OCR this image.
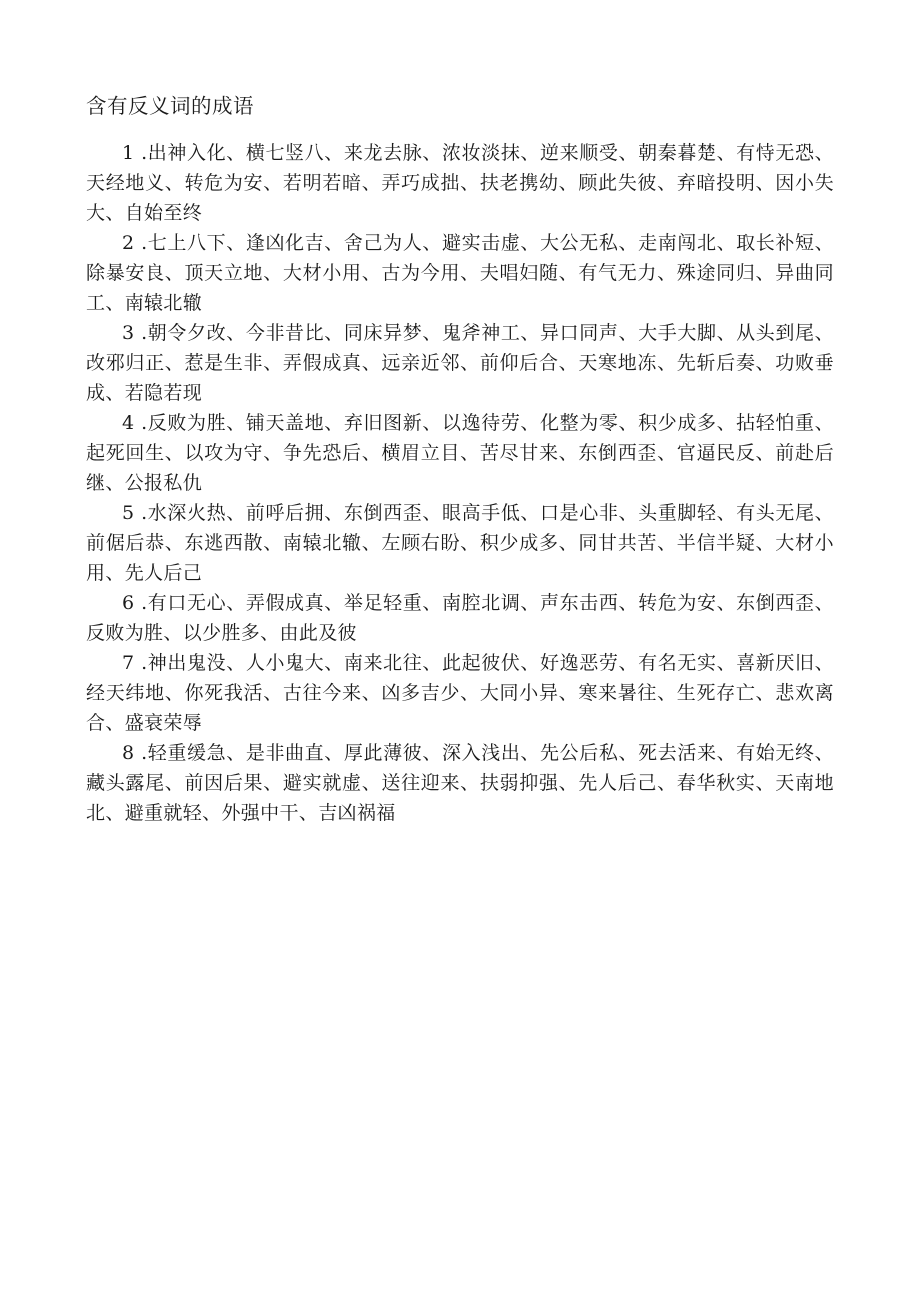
含有反义词的成语

1 .出神入化、横七竖八、来龙去脉、浓妆淡抹、逆来顺受、朝秦暮楚、有恃无恐、天经地义、转危为安、若明若暗、弄巧成拙、扶老携幼、顾此失彼、弃暗投明、因小失大、自始至终

2 .七上八下、逢凶化吉、舍己为人、避实击虚、大公无私、走南闯北、取长补短、除暴安良、顶天立地、大材小用、古为今用、夫唱妇随、有气无力、殊途同归、异曲同工、南辕北辙

3 .朝令夕改、今非昔比、同床异梦、鬼斧神工、异口同声、大手大脚、从头到尾、改邪归正、惹是生非、弄假成真、远亲近邻、前仰后合、天寒地冻、先斩后奏、功败垂成、若隐若现

4 .反败为胜、铺天盖地、弃旧图新、以逸待劳、化整为零、积少成多、拈轻怕重、起死回生、以攻为守、争先恐后、横眉立目、苦尽甘来、东倒西歪、官逼民反、前赴后继、公报私仇

5 .水深火热、前呼后拥、东倒西歪、眼高手低、口是心非、头重脚轻、有头无尾、前倨后恭、东逃西散、南辕北辙、左顾右盼、积少成多、同甘共苦、半信半疑、大材小用、先人后己

6 .有口无心、弄假成真、举足轻重、南腔北调、声东击西、转危为安、东倒西歪、反败为胜、以少胜多、由此及彼

7 .神出鬼没、人小鬼大、南来北往、此起彼伏、好逸恶劳、有名无实、喜新厌旧、经天纬地、你死我活、古往今来、凶多吉少、大同小异、寒来暑往、生死存亡、悲欢离合、盛衰荣辱

8 .轻重缓急、是非曲直、厚此薄彼、深入浅出、先公后私、死去活来、有始无终、藏头露尾、前因后果、避实就虚、送往迎来、扶弱抑强、先人后己、春华秋实、天南地北、避重就轻、外强中干、吉凶祸福
